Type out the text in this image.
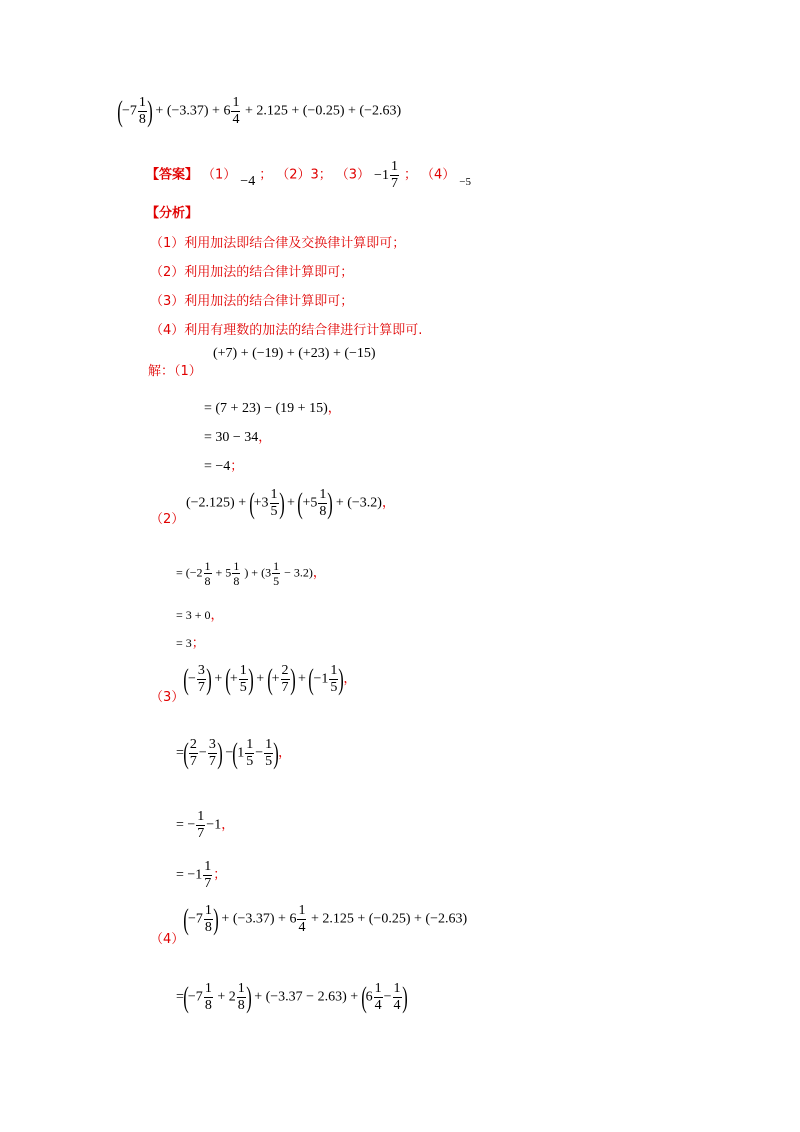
($-7 \frac{1}{8}$ ) + $(-3.37) + 6 \frac{1}{4} + 2.125 + (-0.25) + (-2.63)$
【答案】 （1） −4 ； （2）3； $(3) -1 \frac{1}{7}$ ； （4） $_{-5}$
【分析】
（1）利用加法即结合律及交换律计算即可；
（2）利用加法的结合律计算即可；
（3）利用加法的结合律计算即可；
（4）利用有理数的加法的结合律进行计算即可.
解：（1）
(+7) + (−19) + (+23) + (−15)
= (7 + 23) − (19 + 15)，
= 30 − 34，
= −4；
（2）
$(-2.125) + (+3 \frac{1}{5}$ ) + ($+5 \frac{1}{8}$ ) + (−3.2)，
= ($-2 \frac{1}{8} + 5 \frac{1}{8}$ ) + $(3 \frac{1}{5} - 3.2)$，
= 3 + 0，
= 3；
（3）
(− $\frac{3}{7}$ ) + (+ $\frac{1}{5}$ ) + (+ $\frac{2}{7}$ ) + ($-1 \frac{1}{5}$ )，
=( $\frac{2}{7} - \frac{3}{7}$ ) $-(1 \frac{1}{5} - \frac{1}{5}$ )，
= − $\frac{1}{7} -1$，
= $-1 \frac{1}{7}$ ；
（4）
($-7 \frac{1}{8}$ ) + $(-3.37) + 6 \frac{1}{4} + 2.125 + (-0.25) + (-2.63)$
$=(-7 \frac{1}{8} + 2 \frac{1}{8}$ ) + $(-3.37 - 2.63) + (6 \frac{1}{4} - \frac{1}{4}$ )
